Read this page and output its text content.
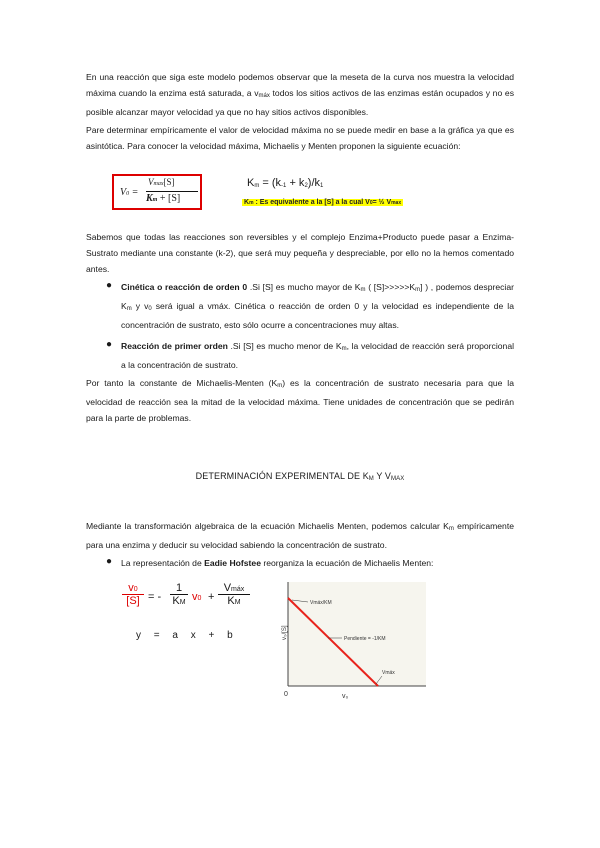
En una reacción que siga este modelo podemos observar que la meseta de la curva nos muestra la velocidad máxima cuando la enzima está saturada, a vmáx todos los sitios activos de las enzimas están ocupados y no es posible alcanzar mayor velocidad ya que no hay sitios activos disponibles.
Pare determinar empíricamente el valor de velocidad máxima no se puede medir en base a la gráfica ya que es asintótica. Para conocer la velocidad máxima, Michaelis y Menten proponen la siguiente ecuación:
V0 =
Vmax[S]
Km + [S]
Km = (k-1 + k2)/k1
Km : Es equivalente a la [S] a la cual V0= ½ Vmax
Sabemos que todas las reacciones son reversibles y el complejo Enzima+Producto puede pasar a Enzima-Sustrato mediante una constante (k-2), que será muy pequeña y despreciable, por ello no la hemos comentado antes.
● Cinética o reacción de orden 0 .Si [S] es mucho mayor de Km ( [S]>>>>>Km] ) , podemos despreciar Km y v0 será igual a vmáx. Cinética o reacción de orden 0 y la velocidad es independiente de la concentración de sustrato, esto sólo ocurre a concentraciones muy altas.
● Reacción de primer orden .Si [S] es mucho menor de Km, la velocidad de reacción será proporcional a la concentración de sustrato.
Por tanto la constante de Michaelis-Menten (Km) es la concentración de sustrato necesaria para que la velocidad de reacción sea la mitad de la velocidad máxima. Tiene unidades de concentración que se pedirán para la parte de problemas.
DETERMINACIÓN EXPERIMENTAL DE KM Y VMAX
Mediante la transformación algebraica de la ecuación Michaelis Menten, podemos calcular Km empíricamente para una enzima y deducir su velocidad sabiendo la concentración de sustrato.
● La representación de Eadie Hofstee reorganiza la ecuación de Michaelis Menten:
v0
[S] = -
1
KM v0 +
Vmáx
KM
y = a x + b	v₀/[S]
v₀
0
Vmáx/KM
Pendiente = -1/KM
Vmáx
